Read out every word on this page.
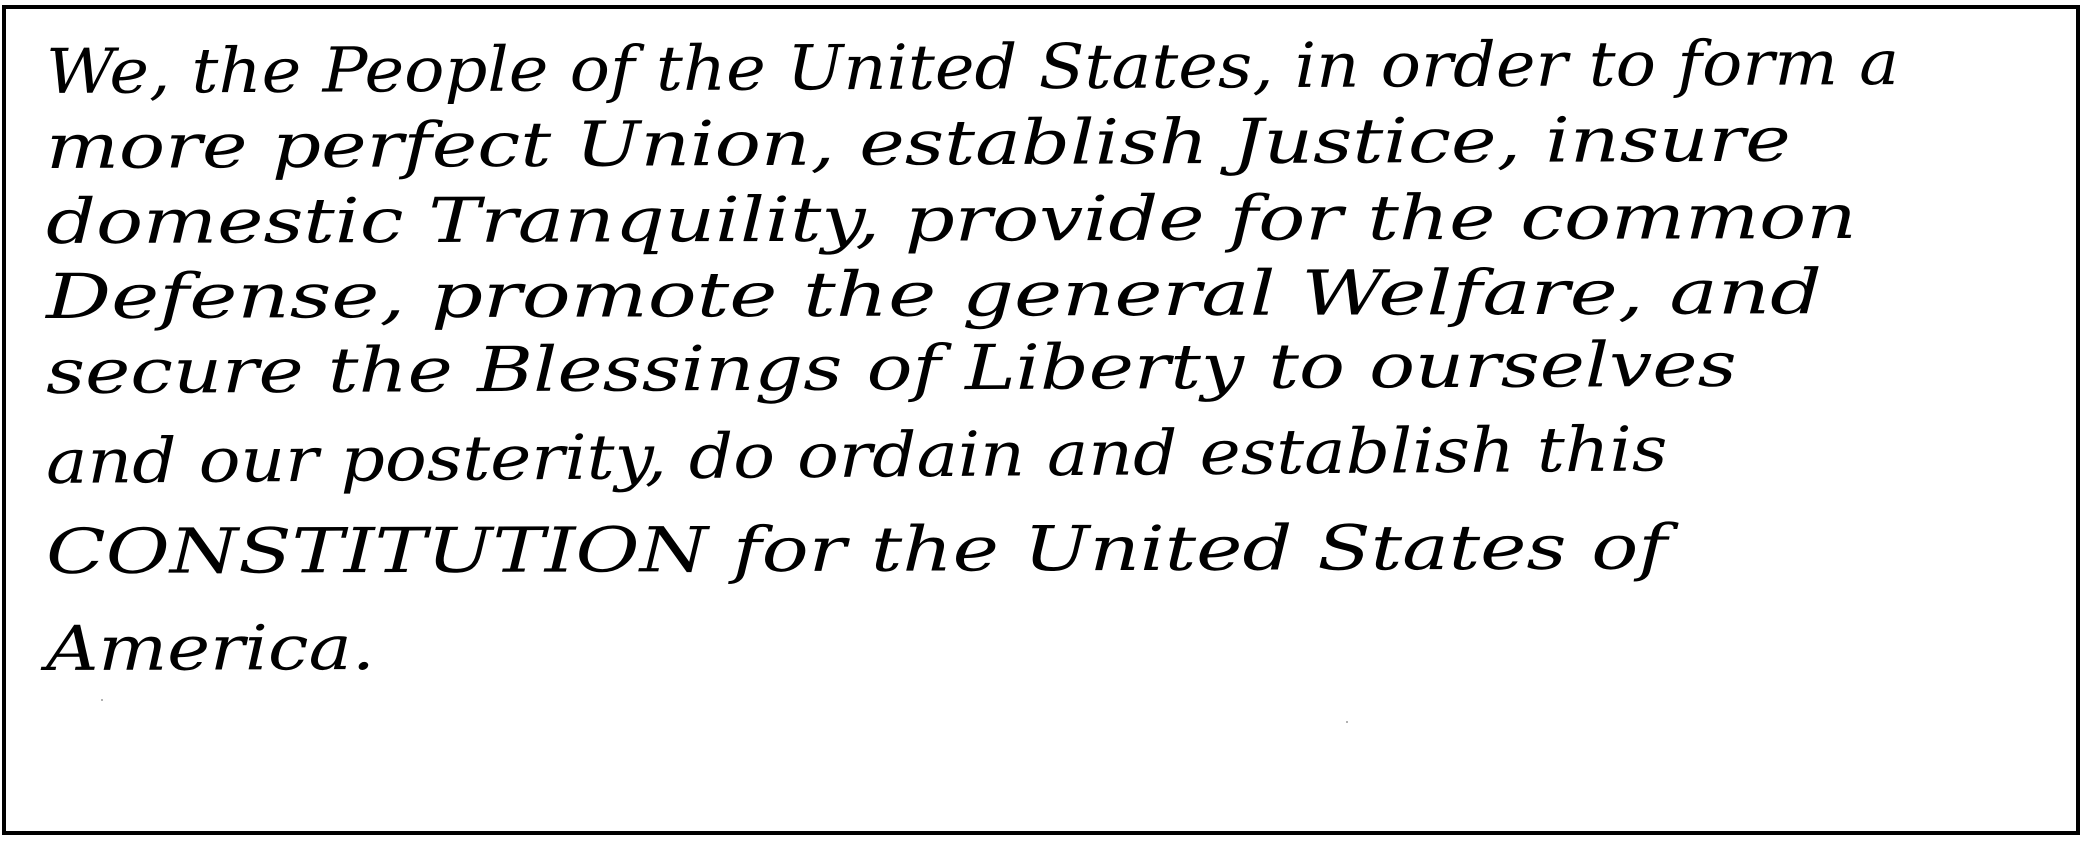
We, the People of the United States, in order to form a
more perfect Union, establish Justice, insure
domestic Tranquility, provide for the common
Defense, promote the general Welfare, and
secure the Blessings of Liberty to ourselves
and our posterity, do ordain and establish this
CONSTITUTION for the United States of
America.
